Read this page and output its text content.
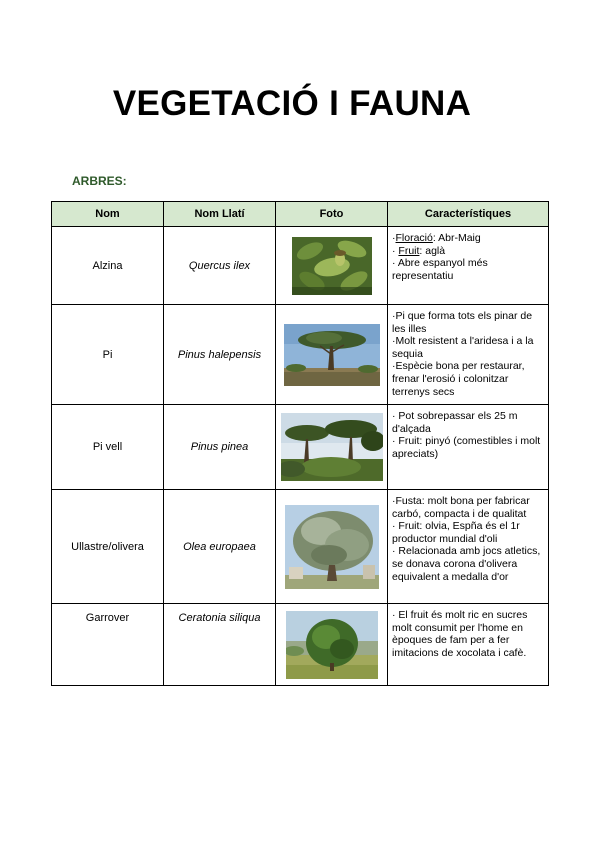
VEGETACIÓ I FAUNA
ARBRES:
Nom	Nom Llatí	Foto	Característiques
Alzina	Quercus ilex		·Floració: Abr-Maig
· Fruit: aglà
· Abre espanyol més representatiu

Pi	Pinus halepensis		·Pi que forma tots els pinar de les illes
·Molt resistent a l'aridesa i a la sequia
·Espècie bona per restaurar, frenar l'erosió i colonitzar terrenys secs

Pi vell	Pinus pinea		· Pot sobrepassar els 25 m d'alçada
· Fruit: pinyó (comestibles i molt apreciats)

Ullastre/olivera	Olea europaea		·Fusta: molt bona per fabricar carbó, compacta i de qualitat
· Fruit: olvia, Espña és el 1r productor mundial d'oli
· Relacionada amb jocs atletics, se donava corona d'olivera equivalent a medalla d'or

Garrover	Ceratonia siliqua		· El fruit és molt ric en sucres molt consumit per l'home en èpoques de fam per a fer imitacions de xocolata i cafè.
